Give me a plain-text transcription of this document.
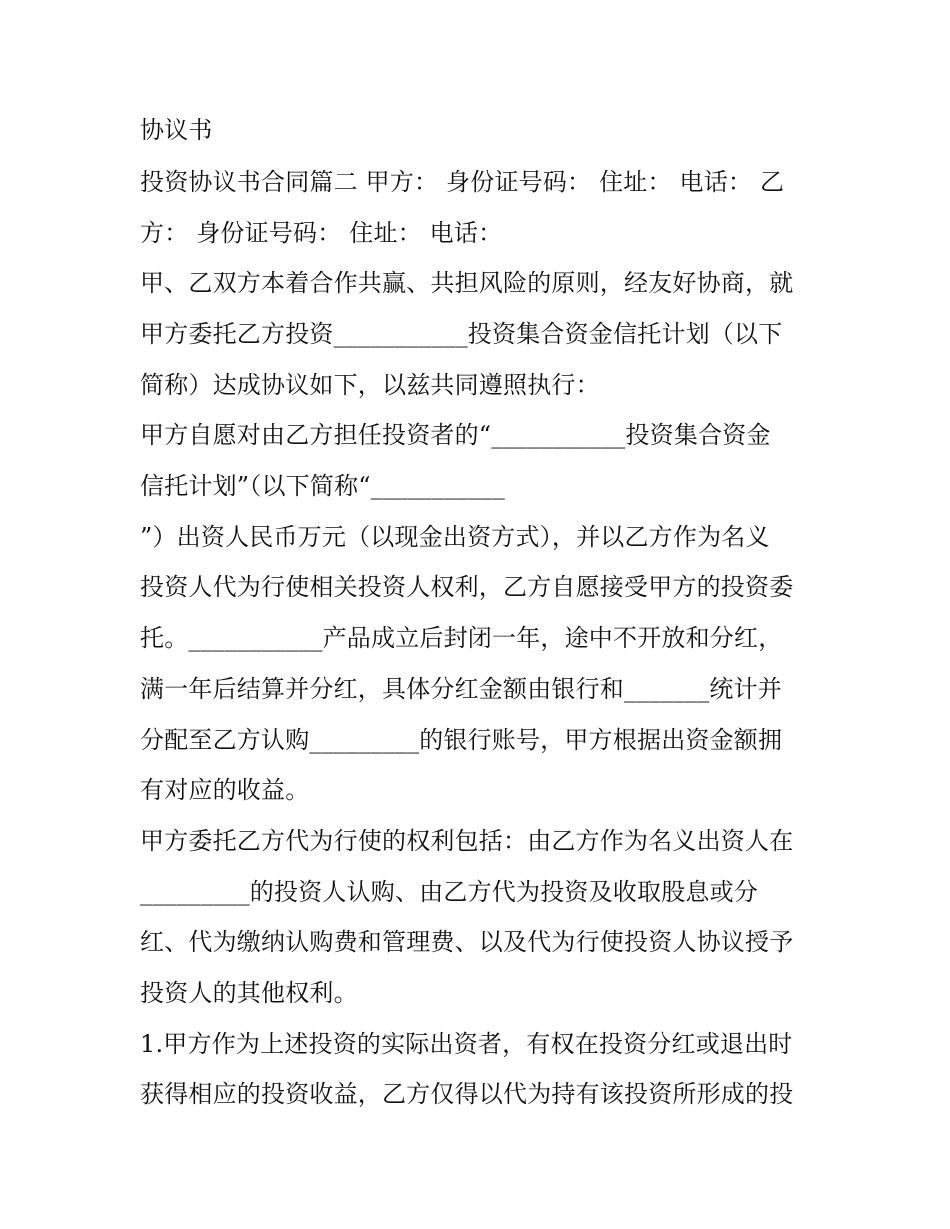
协议书
投资协议书合同篇二 甲方： 身份证号码： 住址： 电话： 乙
方： 身份证号码： 住址： 电话：
甲、乙双方本着合作共赢、共担风险的原则，经友好协商，就
甲方委托乙方投资___________投资集合资金信托计划（以下
简称）达成协议如下，以兹共同遵照执行：
甲方自愿对由乙方担任投资者的“___________投资集合资金
信托计划”（以下简称“___________
”）出资人民币万元（以现金出资方式），并以乙方作为名义
投资人代为行使相关投资人权利，乙方自愿接受甲方的投资委
托。___________产品成立后封闭一年，途中不开放和分红，
满一年后结算并分红，具体分红金额由银行和_______统计并
分配至乙方认购_________的银行账号，甲方根据出资金额拥
有对应的收益。
甲方委托乙方代为行使的权利包括：由乙方作为名义出资人在
_________的投资人认购、由乙方代为投资及收取股息或分
红、代为缴纳认购费和管理费、以及代为行使投资人协议授予
投资人的其他权利。
1.甲方作为上述投资的实际出资者，有权在投资分红或退出时
获得相应的投资收益，乙方仅得以代为持有该投资所形成的投
